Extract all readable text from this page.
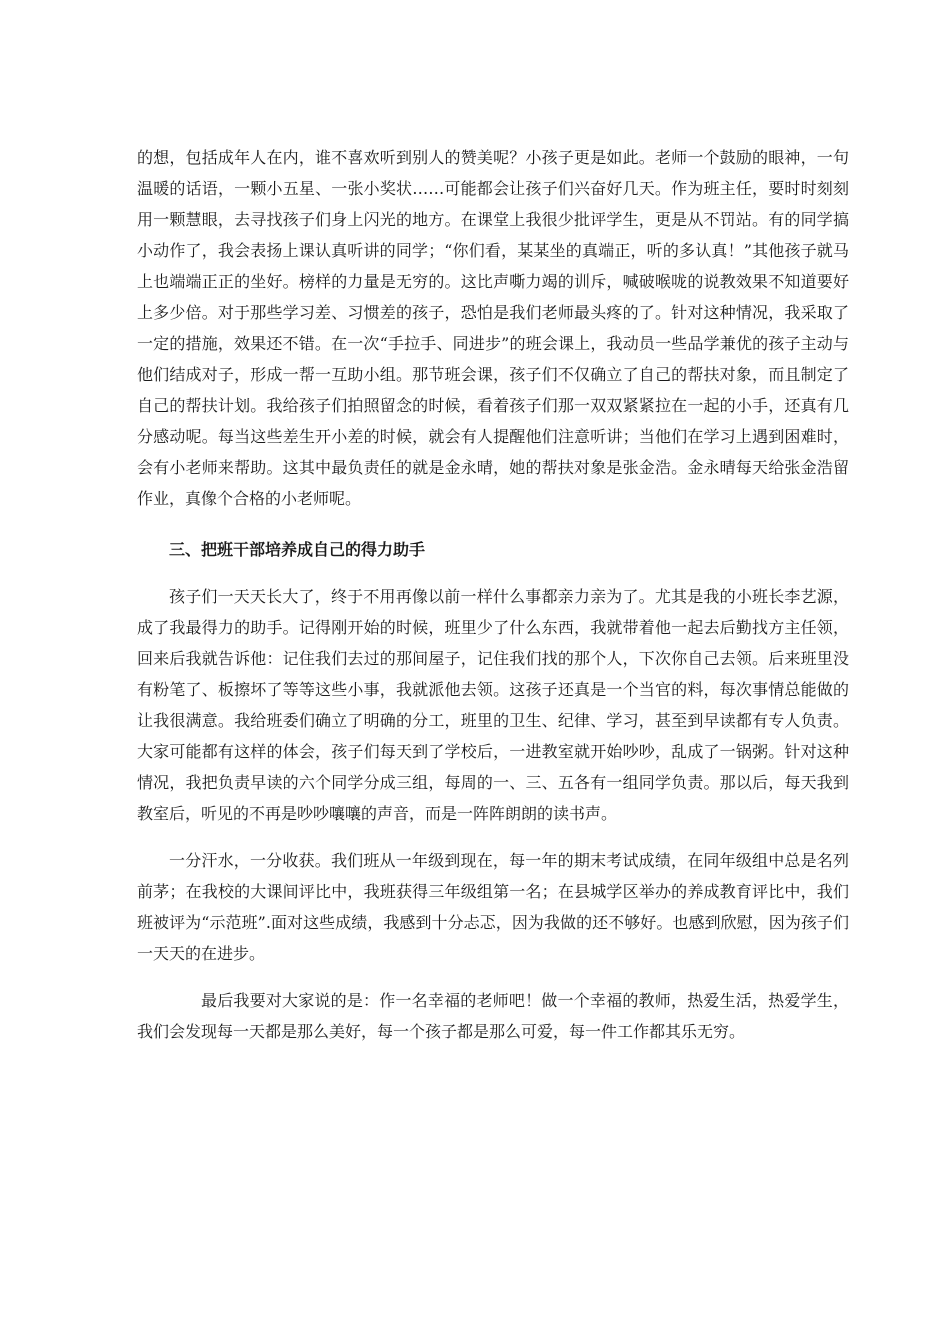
的想，包括成年人在内，谁不喜欢听到别人的赞美呢？小孩子更是如此。老师一个鼓励的眼神，一句温暖的话语，一颗小五星、一张小奖状……可能都会让孩子们兴奋好几天。作为班主任，要时时刻刻用一颗慧眼，去寻找孩子们身上闪光的地方。在课堂上我很少批评学生，更是从不罚站。有的同学搞小动作了，我会表扬上课认真听讲的同学；“你们看，某某坐的真端正，听的多认真！”其他孩子就马上也端端正正的坐好。榜样的力量是无穷的。这比声嘶力竭的训斥，喊破喉咙的说教效果不知道要好上多少倍。对于那些学习差、习惯差的孩子，恐怕是我们老师最头疼的了。针对这种情况，我采取了一定的措施，效果还不错。在一次“手拉手、同进步”的班会课上，我动员一些品学兼优的孩子主动与他们结成对子，形成一帮一互助小组。那节班会课，孩子们不仅确立了自己的帮扶对象，而且制定了自己的帮扶计划。我给孩子们拍照留念的时候，看着孩子们那一双双紧紧拉在一起的小手，还真有几分感动呢。每当这些差生开小差的时候，就会有人提醒他们注意听讲；当他们在学习上遇到困难时，会有小老师来帮助。这其中最负责任的就是金永晴，她的帮扶对象是张金浩。金永晴每天给张金浩留作业，真像个合格的小老师呢。

三、把班干部培养成自己的得力助手

孩子们一天天长大了，终于不用再像以前一样什么事都亲力亲为了。尤其是我的小班长李艺源，成了我最得力的助手。记得刚开始的时候，班里少了什么东西，我就带着他一起去后勤找方主任领，回来后我就告诉他：记住我们去过的那间屋子，记住我们找的那个人，下次你自己去领。后来班里没有粉笔了、板擦坏了等等这些小事，我就派他去领。这孩子还真是一个当官的料，每次事情总能做的让我很满意。我给班委们确立了明确的分工，班里的卫生、纪律、学习，甚至到早读都有专人负责。大家可能都有这样的体会，孩子们每天到了学校后，一进教室就开始吵吵，乱成了一锅粥。针对这种情况，我把负责早读的六个同学分成三组，每周的一、三、五各有一组同学负责。那以后，每天我到教室后，听见的不再是吵吵嚷嚷的声音，而是一阵阵朗朗的读书声。

一分汗水，一分收获。我们班从一年级到现在，每一年的期末考试成绩，在同年级组中总是名列前茅；在我校的大课间评比中，我班获得三年级组第一名；在县城学区举办的养成教育评比中，我们班被评为“示范班”.面对这些成绩，我感到十分忐忑，因为我做的还不够好。也感到欣慰，因为孩子们一天天的在进步。

最后我要对大家说的是：作一名幸福的老师吧！做一个幸福的教师，热爱生活，热爱学生，我们会发现每一天都是那么美好，每一个孩子都是那么可爱，每一件工作都其乐无穷。
